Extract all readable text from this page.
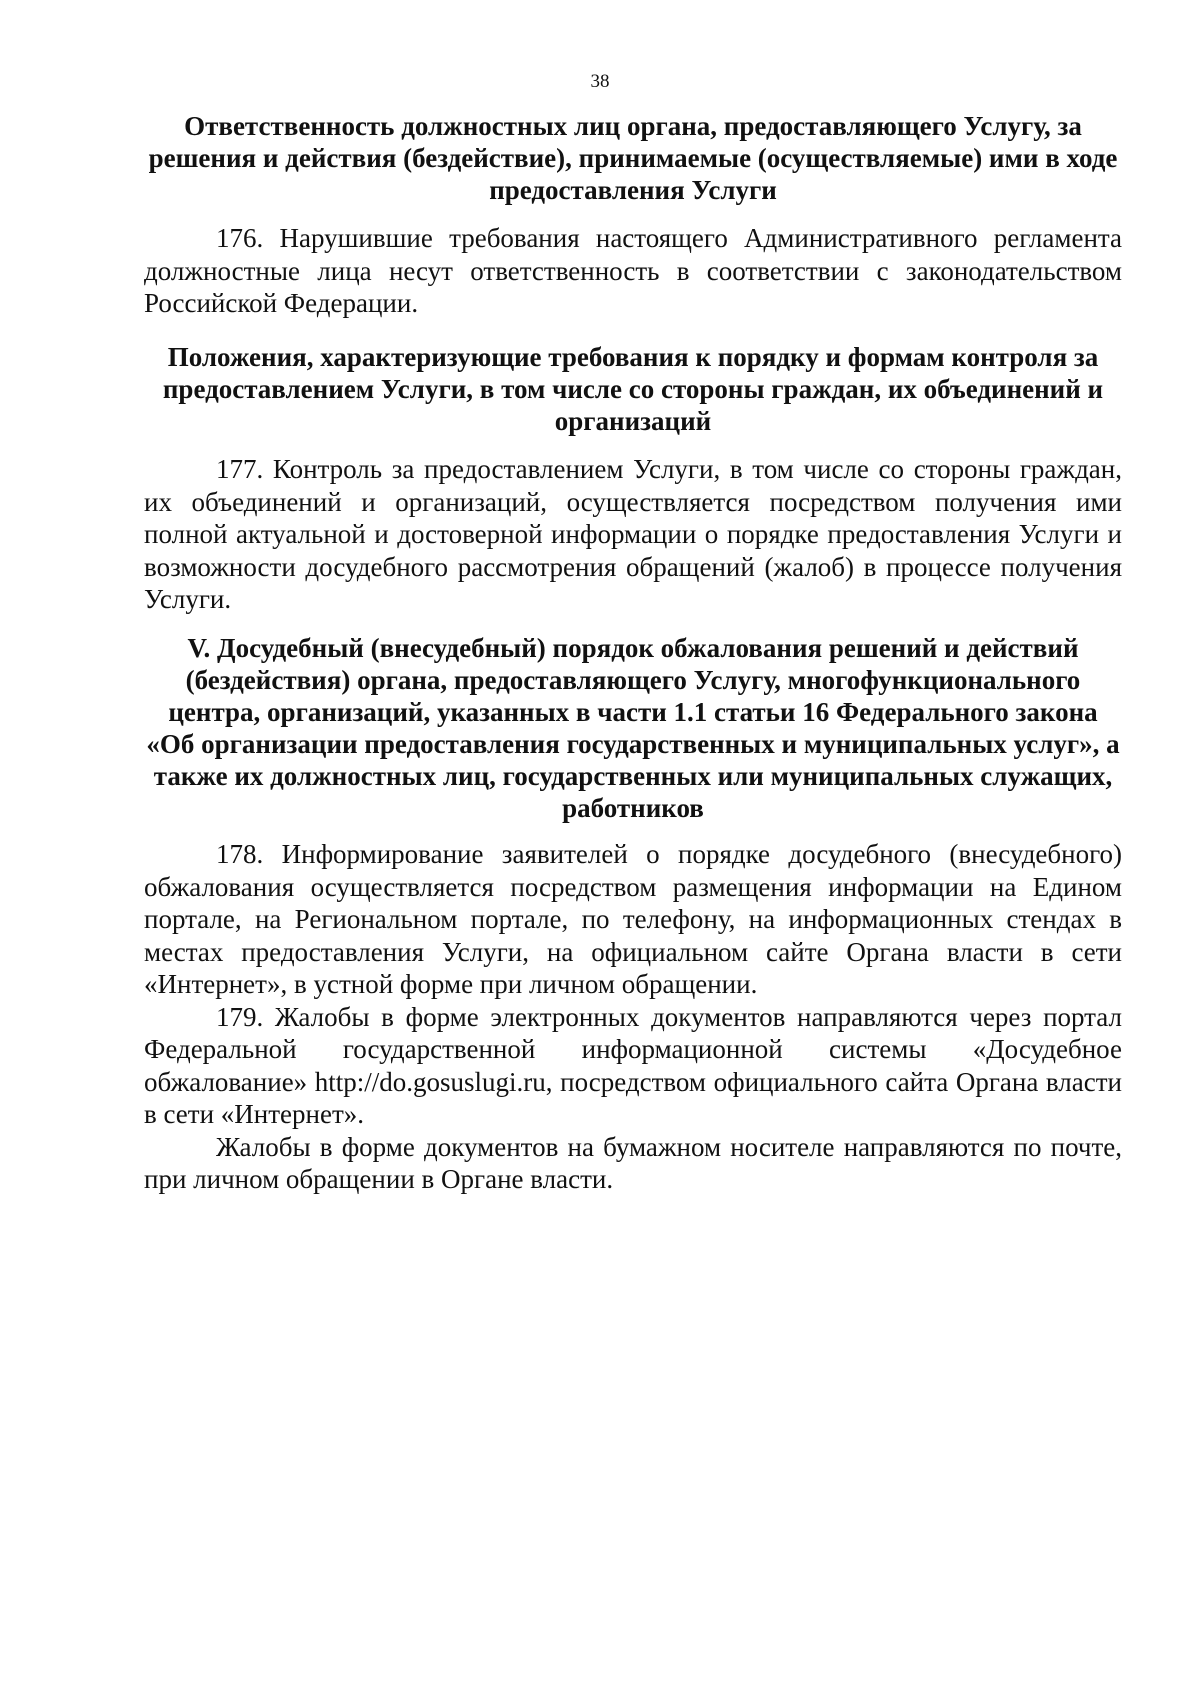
38
Ответственность должностных лиц органа, предоставляющего Услугу, за решения и действия (бездействие), принимаемые (осуществляемые) ими в ходе предоставления Услуги

176. Нарушившие требования настоящего Административного регламента должностные лица несут ответственность в соответствии с законодательством Российской Федерации.

Положения, характеризующие требования к порядку и формам контроля за предоставлением Услуги, в том числе со стороны граждан, их объединений и организаций

177. Контроль за предоставлением Услуги, в том числе со стороны граждан, их объединений и организаций, осуществляется посредством получения ими полной актуальной и достоверной информации о порядке предоставления Услуги и возможности досудебного рассмотрения обращений (жалоб) в процессе получения Услуги.

V. Досудебный (внесудебный) порядок обжалования решений и действий (бездействия) органа, предоставляющего Услугу, многофункционального центра, организаций, указанных в части 1.1 статьи 16 Федерального закона «Об организации предоставления государственных и муниципальных услуг», а также их должностных лиц, государственных или муниципальных служащих, работников

178. Информирование заявителей о порядке досудебного (внесудебного) обжалования осуществляется посредством размещения информации на Едином портале, на Региональном портале, по телефону, на информационных стендах в местах предоставления Услуги, на официальном сайте Органа власти в сети «Интернет», в устной форме при личном обращении.

179. Жалобы в форме электронных документов направляются через портал Федеральной государственной информационной системы «Досудебное обжалование» http://do.gosuslugi.ru, посредством официального сайта Органа власти в сети «Интернет».

Жалобы в форме документов на бумажном носителе направляются по почте, при личном обращении в Органе власти.
